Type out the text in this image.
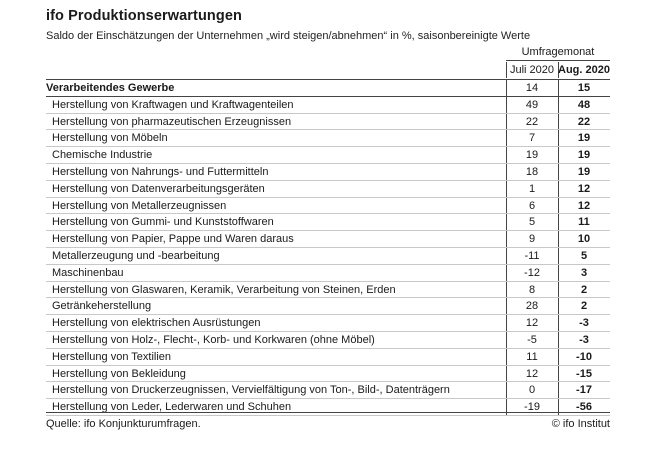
ifo Produktionserwartungen
Saldo der Einschätzungen der Unternehmen „wird steigen/abnehmen“ in %, saisonbereinigte Werte
Umfragemonat
Juli 2020 Aug. 2020
Verarbeitendes Gewerbe	14	15
Herstellung von Kraftwagen und Kraftwagenteilen	49	48
Herstellung von pharmazeutischen Erzeugnissen	22	22
Herstellung von Möbeln	7	19
Chemische Industrie	19	19
Herstellung von Nahrungs- und Futtermitteln	18	19
Herstellung von Datenverarbeitungsgeräten	1	12
Herstellung von Metallerzeugnissen	6	12
Herstellung von Gummi- und Kunststoffwaren	5	11
Herstellung von Papier, Pappe und Waren daraus	9	10
Metallerzeugung und -bearbeitung	-11	5
Maschinenbau	-12	3
Herstellung von Glaswaren, Keramik, Verarbeitung von Steinen, Erden	8	2
Getränkeherstellung	28	2
Herstellung von elektrischen Ausrüstungen	12	-3
Herstellung von Holz-, Flecht-, Korb- und Korkwaren (ohne Möbel)	-5	-3
Herstellung von Textilien	11	-10
Herstellung von Bekleidung	12	-15
Herstellung von Druckerzeugnissen, Vervielfältigung von Ton-, Bild-, Datenträgern	0	-17
Herstellung von Leder, Lederwaren und Schuhen	-19	-56
Quelle: ifo Konjunkturumfragen.	© ifo Institut
